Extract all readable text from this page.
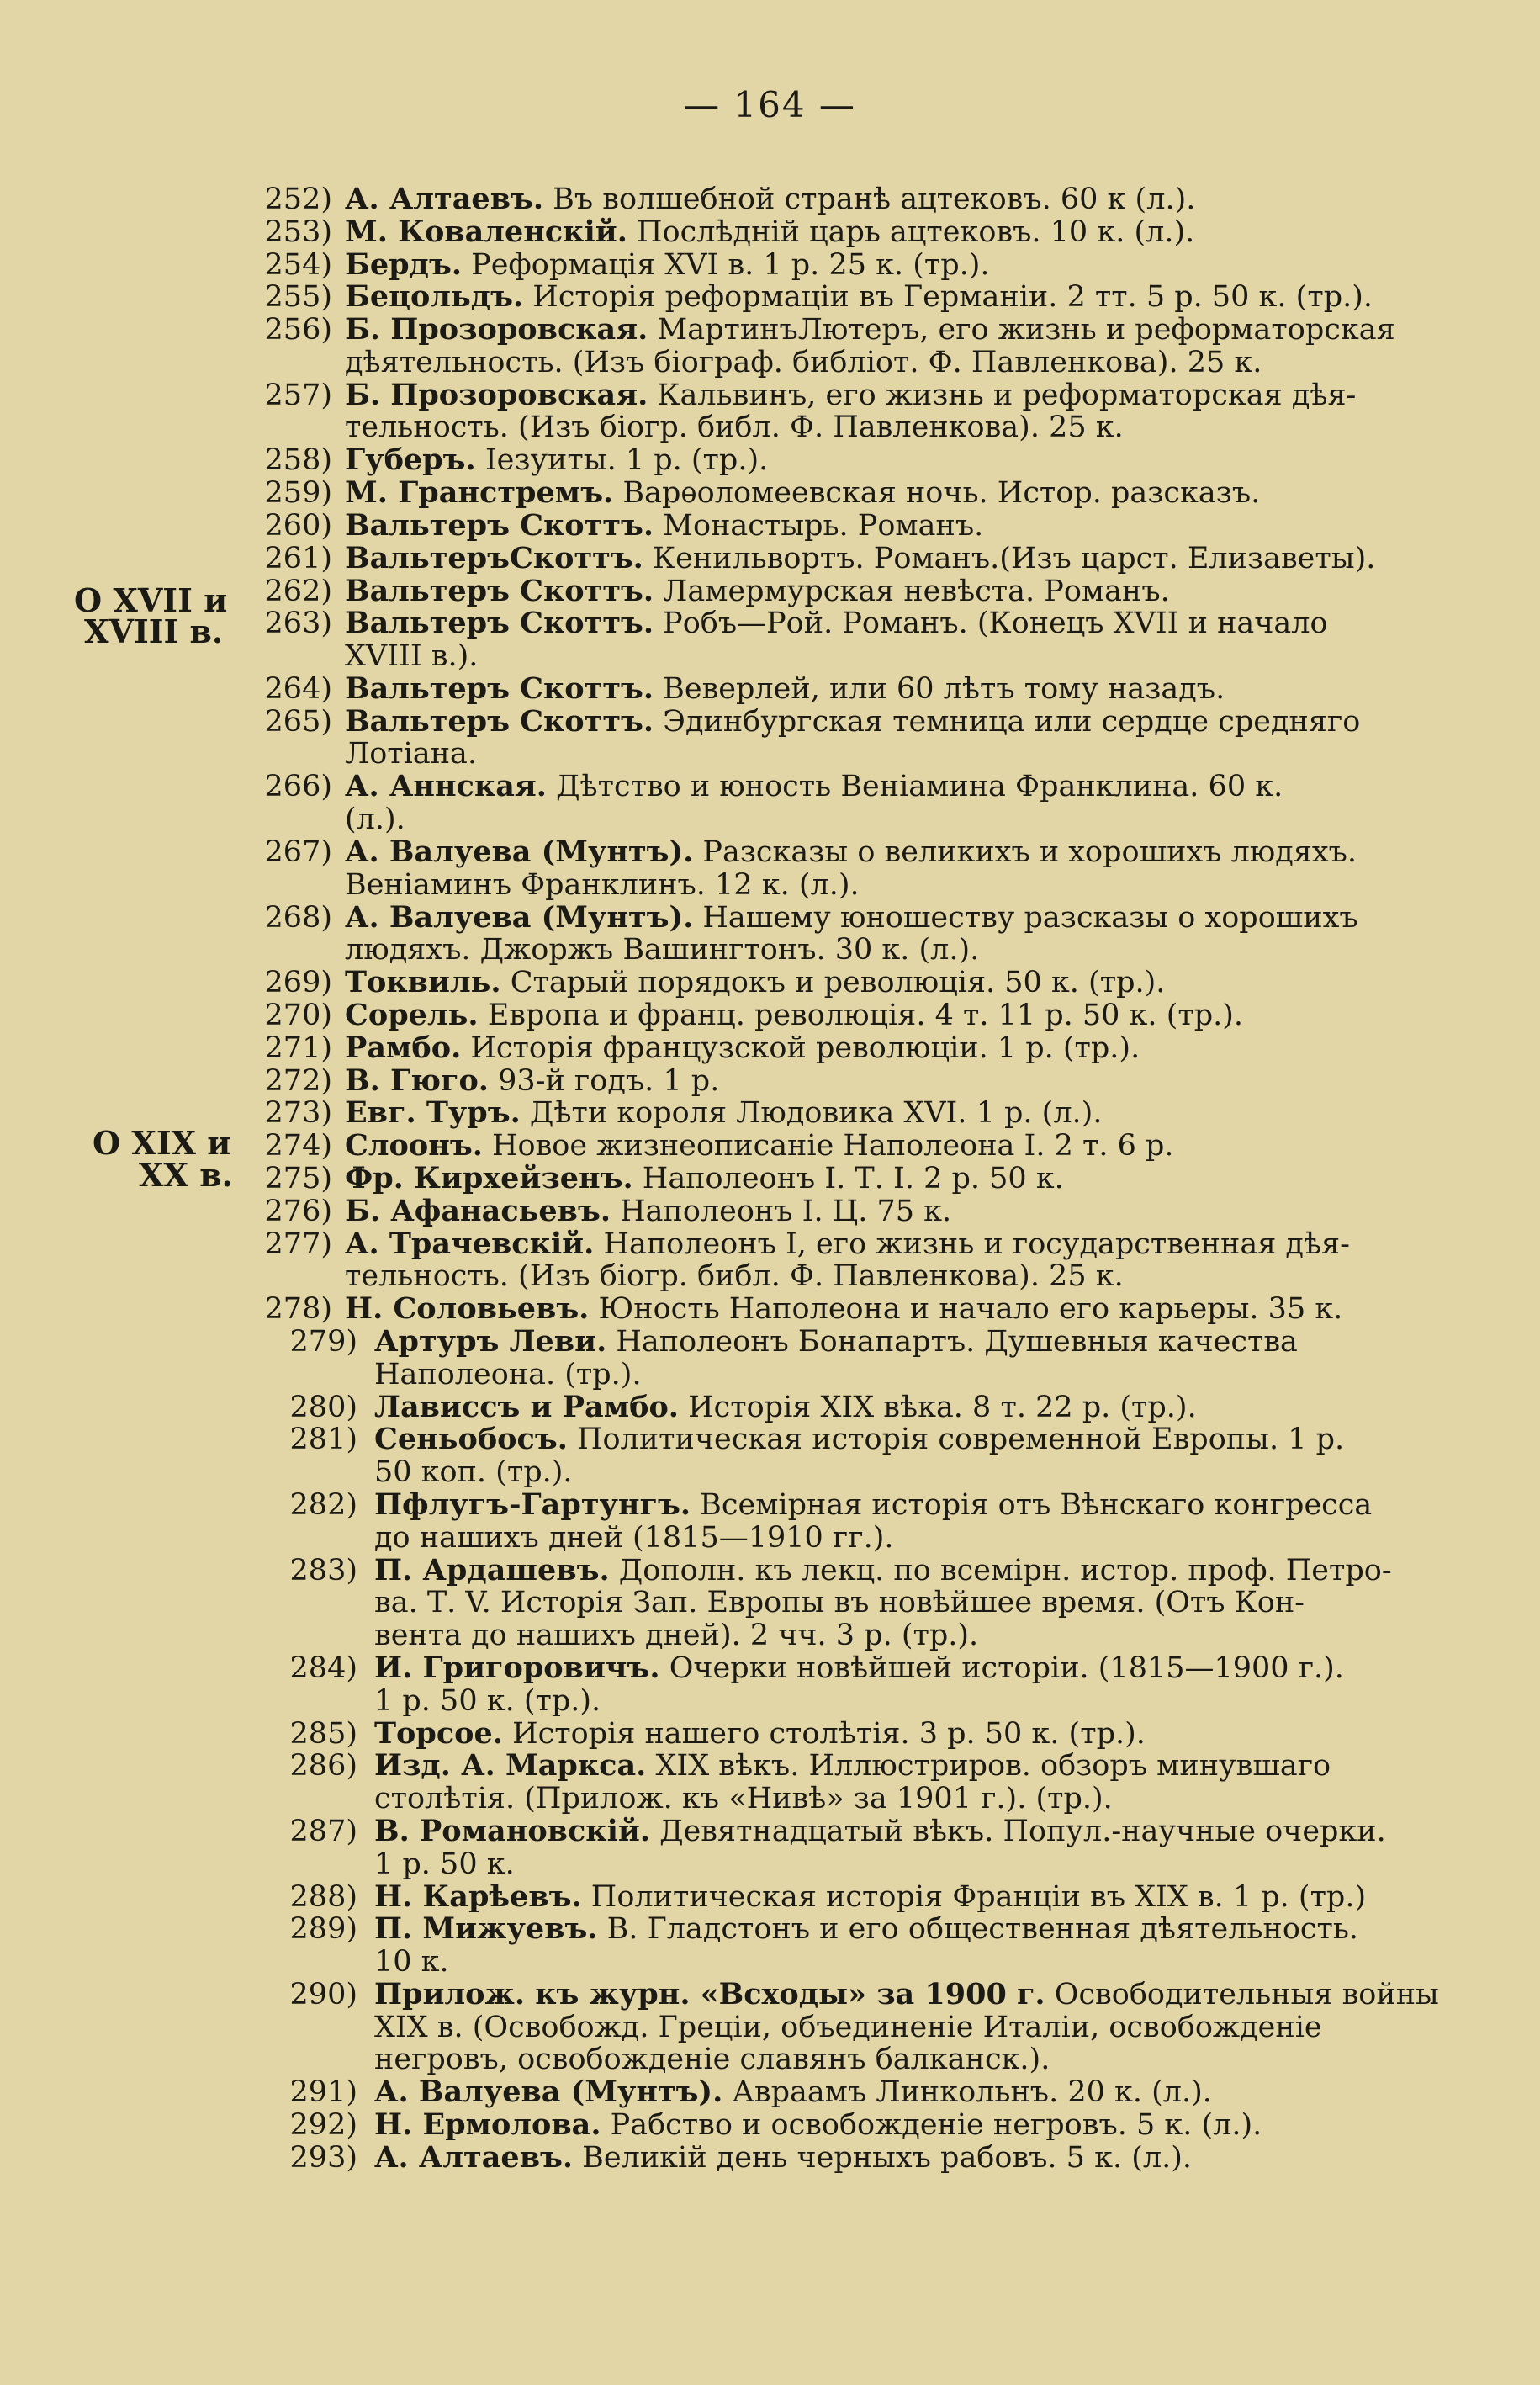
— 164 —
О XVII и
XVIII в.
О XIX и
XX в.
252) А. Алтаевъ. Въ волшебной странѣ ацтековъ. 60 к (л.).
253) М. Коваленскій. Послѣдній царь ацтековъ. 10 к. (л.).
254) Бердъ. Реформація XVI в. 1 р. 25 к. (тр.).
255) Бецольдъ. Исторія реформаціи въ Германіи. 2 тт. 5 р. 50 к. (тр.).
256) Б. Прозоровская. МартинъЛютеръ, его жизнь и реформаторская
дѣятельность. (Изъ біограф. библіот. Ф. Павленкова). 25 к.
257) Б. Прозоровская. Кальвинъ, его жизнь и реформаторская дѣя-
тельность. (Изъ біогр. библ. Ф. Павленкова). 25 к.
258) Губеръ. Іезуиты. 1 р. (тр.).
259) М. Гранстремъ. Варѳоломеевская ночь. Истор. разсказъ.
260) Вальтеръ Скоттъ. Монастырь. Романъ.
261) ВальтеръСкоттъ. Кенильвортъ. Романъ.(Изъ царст. Елизаветы).
262) Вальтеръ Скоттъ. Ламермурская невѣста. Романъ.
263) Вальтеръ Скоттъ. Робъ—Рой. Романъ. (Конецъ XVII и начало
XVIII в.).
264) Вальтеръ Скоттъ. Веверлей, или 60 лѣтъ тому назадъ.
265) Вальтеръ Скоттъ. Эдинбургская темница или сердце средняго
Лотіана.
266) А. Аннская. Дѣтство и юность Веніамина Франклина. 60 к.
(л.).
267) А. Валуева (Мунтъ). Разсказы о великихъ и хорошихъ людяхъ.
Веніаминъ Франклинъ. 12 к. (л.).
268) А. Валуева (Мунтъ). Нашему юношеству разсказы о хорошихъ
людяхъ. Джоржъ Вашингтонъ. 30 к. (л.).
269) Токвиль. Старый порядокъ и революція. 50 к. (тр.).
270) Сорель. Европа и франц. революція. 4 т. 11 р. 50 к. (тр.).
271) Рамбо. Исторія французской революціи. 1 р. (тр.).
272) В. Гюго. 93-й годъ. 1 р.
273) Евг. Туръ. Дѣти короля Людовика XVI. 1 р. (л.).
274) Слоонъ. Новое жизнеописаніе Наполеона I. 2 т. 6 р.
275) Фр. Кирхейзенъ. Наполеонъ I. Т. I. 2 р. 50 к.
276) Б. Афанасьевъ. Наполеонъ I. Ц. 75 к.
277) А. Трачевскій. Наполеонъ I, его жизнь и государственная дѣя-
тельность. (Изъ біогр. библ. Ф. Павленкова). 25 к.
278) Н. Соловьевъ. Юность Наполеона и начало его карьеры. 35 к.
279) Артуръ Леви. Наполеонъ Бонапартъ. Душевныя качества
Наполеона. (тр.).
280) Лависсъ и Рамбо. Исторія XIX вѣка. 8 т. 22 р. (тр.).
281) Сеньобосъ. Политическая исторія современной Европы. 1 р.
50 коп. (тр.).
282) Пфлугъ-Гартунгъ. Всемірная исторія отъ Вѣнскаго конгресса
до нашихъ дней (1815—1910 гг.).
283) П. Ардашевъ. Дополн. къ лекц. по всемірн. истор. проф. Петро-
ва. Т. V. Исторія Зап. Европы въ новѣйшее время. (Отъ Кон-
вента до нашихъ дней). 2 чч. 3 р. (тр.).
284) И. Григоровичъ. Очерки новѣйшей исторіи. (1815—1900 г.).
1 р. 50 к. (тр.).
285) Торсое. Исторія нашего столѣтія. 3 р. 50 к. (тр.).
286) Изд. А. Маркса. XIX вѣкъ. Иллюстриров. обзоръ минувшаго
столѣтія. (Прилож. къ «Нивѣ» за 1901 г.). (тр.).
287) В. Романовскій. Девятнадцатый вѣкъ. Попул.-научные очерки.
1 р. 50 к.
288) Н. Карѣевъ. Политическая исторія Франціи въ XIX в. 1 р. (тр.)
289) П. Мижуевъ. В. Гладстонъ и его общественная дѣятельность.
10 к.
290) Прилож. къ журн. «Всходы» за 1900 г. Освободительныя войны
XIX в. (Освобожд. Греціи, объединеніе Италіи, освобожденіе
негровъ, освобожденіе славянъ балканск.).
291) А. Валуева (Мунтъ). Авраамъ Линкольнъ. 20 к. (л.).
292) Н. Ермолова. Рабство и освобожденіе негровъ. 5 к. (л.).
293) А. Алтаевъ. Великій день черныхъ рабовъ. 5 к. (л.).
